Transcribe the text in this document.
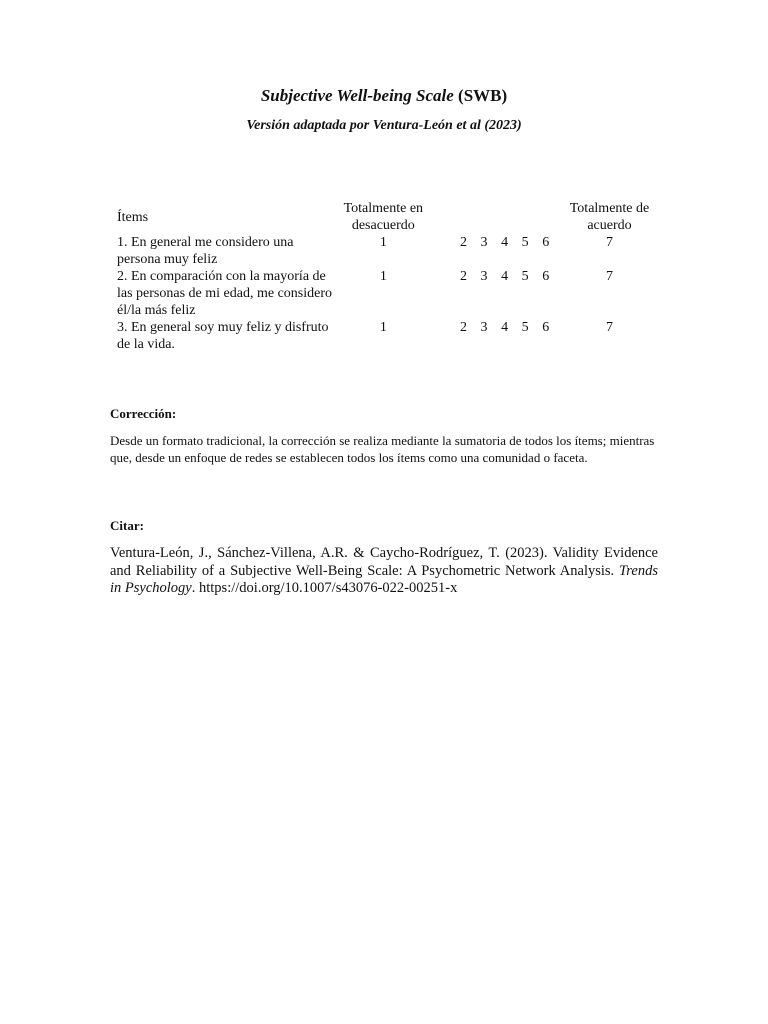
Subjective Well-being Scale (SWB)
Versión adaptada por Ventura-León et al (2023)
Ítems	Totalmente en desacuerdo							Totalmente de acuerdo
1. En general me considero una persona muy feliz	1		2	3	4	5	6	7
2. En comparación con la mayoría de las personas de mi edad, me considero él/la más feliz	1		2	3	4	5	6	7
3. En general soy muy feliz y disfruto de la vida.	1		2	3	4	5	6	7
Corrección:
Desde un formato tradicional, la corrección se realiza mediante la sumatoria de todos los ítems; mientras que, desde un enfoque de redes se establecen todos los ítems como una comunidad o faceta.
Citar:
Ventura-León, J., Sánchez-Villena, A.R. & Caycho-Rodríguez, T. (2023). Validity Evidence and Reliability of a Subjective Well-Being Scale: A Psychometric Network Analysis. Trends in Psychology. https://doi.org/10.1007/s43076-022-00251-x
